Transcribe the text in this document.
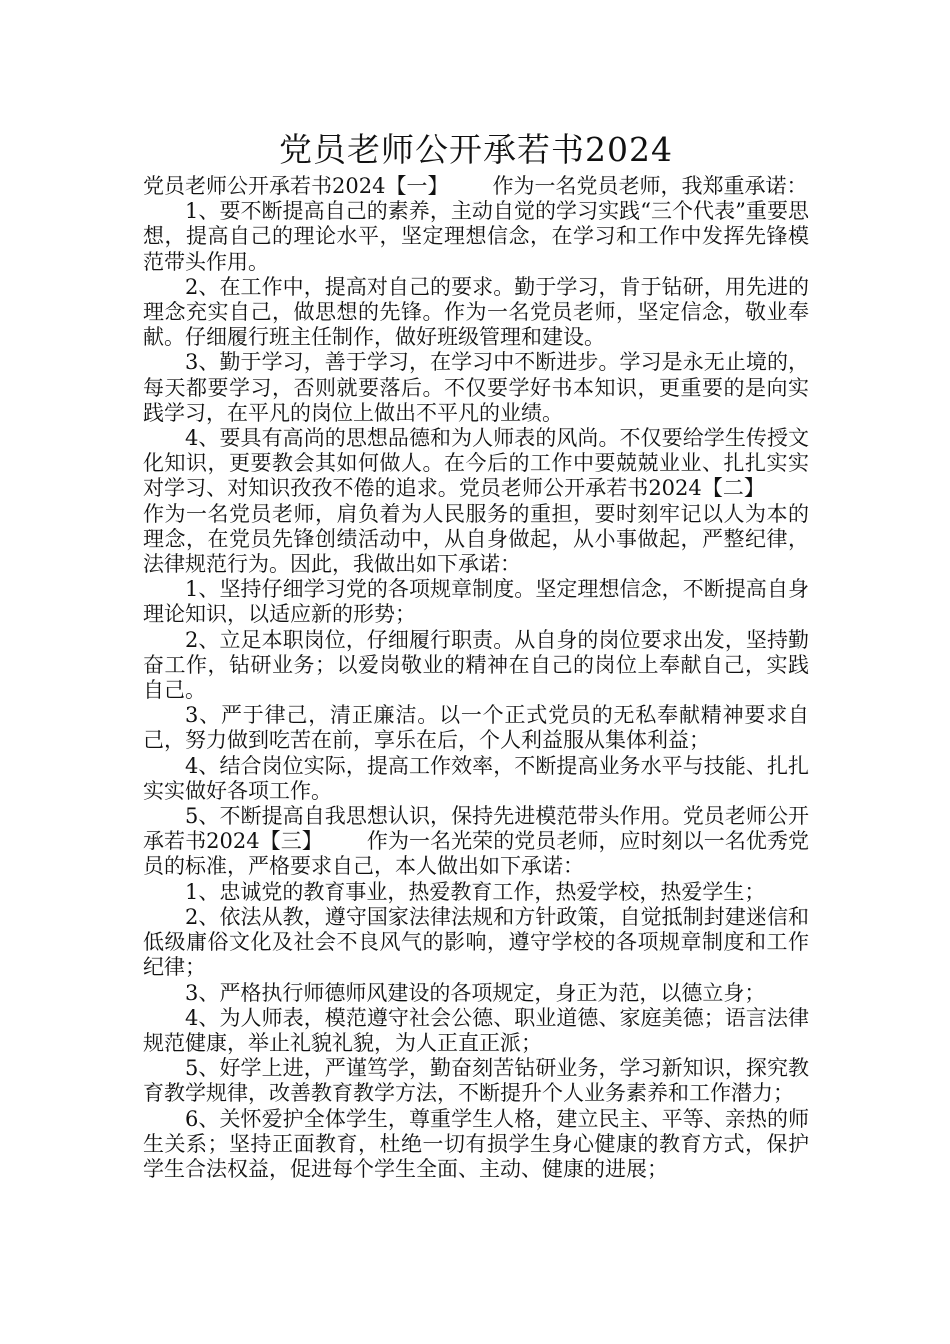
党员老师公开承若书2024

党员老师公开承若书2024【一】 作为一名党员老师，我郑重承诺：

1、要不断提高自己的素养，主动自觉的学习实践“三个代表”重要思想，提高自己的理论水平，坚定理想信念，在学习和工作中发挥先锋模范带头作用。

2、在工作中，提高对自己的要求。勤于学习，肯于钻研，用先进的理念充实自己，做思想的先锋。作为一名党员老师，坚定信念，敬业奉献。仔细履行班主任制作，做好班级管理和建设。

3、勤于学习，善于学习，在学习中不断进步。学习是永无止境的，每天都要学习，否则就要落后。不仅要学好书本知识，更重要的是向实践学习，在平凡的岗位上做出不平凡的业绩。

4、要具有高尚的思想品德和为人师表的风尚。不仅要给学生传授文化知识，更要教会其如何做人。在今后的工作中要兢兢业业、扎扎实实对学习、对知识孜孜不倦的追求。党员老师公开承若书2024【二】作为一名党员老师，肩负着为人民服务的重担，要时刻牢记以人为本的理念，在党员先锋创绩活动中，从自身做起，从小事做起，严整纪律，法律规范行为。因此，我做出如下承诺：

1、坚持仔细学习党的各项规章制度。坚定理想信念，不断提高自身理论知识，以适应新的形势；

2、立足本职岗位，仔细履行职责。从自身的岗位要求出发，坚持勤奋工作，钻研业务；以爱岗敬业的精神在自己的岗位上奉献自己，实践自己。

3、严于律己，清正廉洁。以一个正式党员的无私奉献精神要求自己，努力做到吃苦在前，享乐在后，个人利益服从集体利益；

4、结合岗位实际，提高工作效率，不断提高业务水平与技能、扎扎实实做好各项工作。

5、不断提高自我思想认识，保持先进模范带头作用。党员老师公开承若书2024【三】 作为一名光荣的党员老师，应时刻以一名优秀党员的标准，严格要求自己，本人做出如下承诺：

1、忠诚党的教育事业，热爱教育工作，热爱学校，热爱学生；

2、依法从教，遵守国家法律法规和方针政策，自觉抵制封建迷信和低级庸俗文化及社会不良风气的影响，遵守学校的各项规章制度和工作纪律；

3、严格执行师德师风建设的各项规定，身正为范，以德立身；

4、为人师表，模范遵守社会公德、职业道德、家庭美德；语言法律规范健康，举止礼貌礼貌，为人正直正派；

5、好学上进，严谨笃学，勤奋刻苦钻研业务，学习新知识，探究教育教学规律，改善教育教学方法，不断提升个人业务素养和工作潜力；

6、关怀爱护全体学生，尊重学生人格，建立民主、平等、亲热的师生关系；坚持正面教育，杜绝一切有损学生身心健康的教育方式，保护学生合法权益，促进每个学生全面、主动、健康的进展；
